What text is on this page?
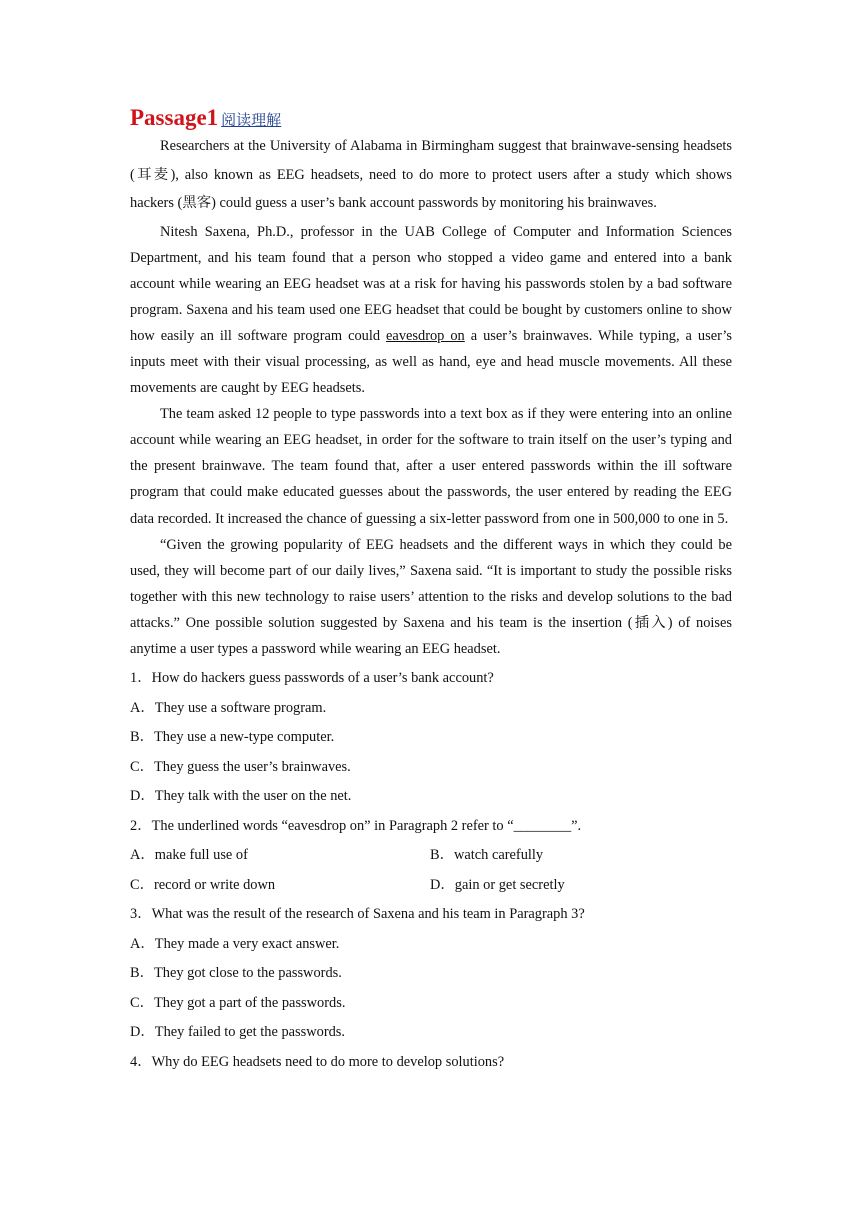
Passage1 阅读理解

Researchers at the University of Alabama in Birmingham suggest that brainwave-sensing headsets (耳麦), also known as EEG headsets, need to do more to protect users after a study which shows hackers (黑客) could guess a user’s bank account passwords by monitoring his brainwaves.

Nitesh Saxena, Ph.D., professor in the UAB College of Computer and Information Sciences Department, and his team found that a person who stopped a video game and entered into a bank account while wearing an EEG headset was at a risk for having his passwords stolen by a bad software program. Saxena and his team used one EEG headset that could be bought by customers online to show how easily an ill software program could eavesdrop on a user’s brainwaves. While typing, a user’s inputs meet with their visual processing, as well as hand, eye and head muscle movements. All these movements are caught by EEG headsets.

The team asked 12 people to type passwords into a text box as if they were entering into an online account while wearing an EEG headset, in order for the software to train itself on the user’s typing and the present brainwave. The team found that, after a user entered passwords within the ill software program that could make educated guesses about the passwords, the user entered by reading the EEG data recorded. It increased the chance of guessing a six-letter password from one in 500,000 to one in 5.

“Given the growing popularity of EEG headsets and the different ways in which they could be used, they will become part of our daily lives,” Saxena said. “It is important to study the possible risks together with this new technology to raise users’ attention to the risks and develop solutions to the bad attacks.” One possible solution suggested by Saxena and his team is the insertion (插入) of noises anytime a user types a password while wearing an EEG headset.

1．How do hackers guess passwords of a user’s bank account?
A．They use a software program.
B．They use a new-type computer.
C．They guess the user’s brainwaves.
D．They talk with the user on the net.
2．The underlined words “eavesdrop on” in Paragraph 2 refer to “________”.
A．make full use of	B．watch carefully
C．record or write down	D．gain or get secretly
3．What was the result of the research of Saxena and his team in Paragraph 3?
A．They made a very exact answer.
B．They got close to the passwords.
C．They got a part of the passwords.
D．They failed to get the passwords.
4．Why do EEG headsets need to do more to develop solutions?
